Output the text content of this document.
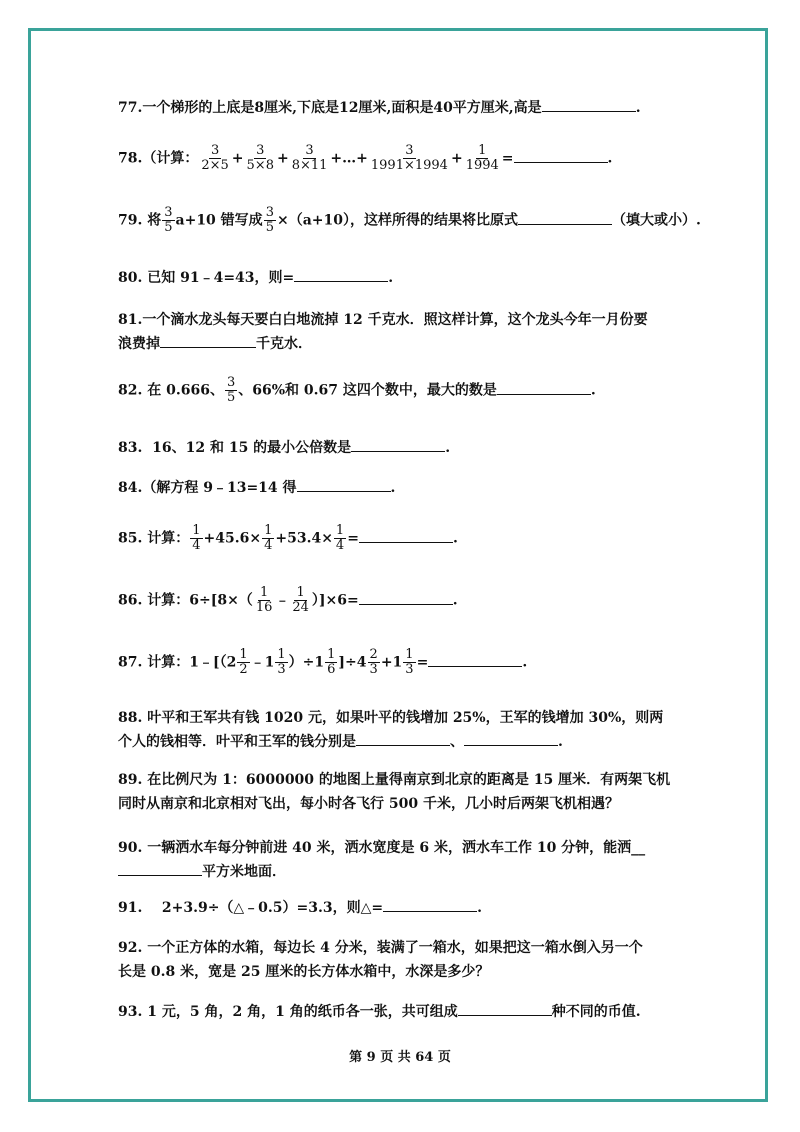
77.一个梯形的上底是8厘米,下底是12厘米,面积是40平方厘米,高是	.
78.（计算： $\frac{3}{2\times 5} + \frac{3}{5\times 8} + \frac{3}{8\times 11}$ +…+ $\frac{3}{1991\times 1994} + \frac{1}{1994}$ =	.
79. 将 $\frac{3}{5} a+10$ 错写成 $\frac{3}{5} \times(a+10)$，这样所得的结果将比原式	（填大或小）.
80. 已知 91﹣4=43，则=	.
81.一个滴水龙头每天要白白地流掉 12 千克水．照这样计算，这个龙头今年一月份要
浪费掉	千克水．
82. 在 0.666、 $\frac{3}{5}$ 、66%和 0.67 这四个数中，最大的数是	.
83. 16、12 和 15 的最小公倍数是	.
84.（解方程 9﹣13=14 得	.
85. 计算： $\frac{1}{4} +45.6\times \frac{1}{4} +53.4\times \frac{1}{4}$ =	.
86. 计算：$6\div[8\times( \frac{1}{16}$ ﹣ $\frac{1}{24} )]\times 6=$	.
87. 计算：1﹣[（2 $\frac{1}{2}$ ﹣1 $\frac{1}{3} )\div 1 \frac{1}{6} ]\div 4 \frac{2}{3} +1 \frac{1}{3}$ =	.
88. 叶平和王军共有钱 1020 元，如果叶平的钱增加 25%，王军的钱增加 30%，则两
个人的钱相等．叶平和王军的钱分别是	、	.
89. 在比例尺为 1：6000000 的地图上量得南京到北京的距离是 15 厘米．有两架飞机
同时从南京和北京相对飞出，每小时各飞行 500 千米，几小时后两架飞机相遇？
90. 一辆洒水车每分钟前进 40 米，洒水宽度是 6 米，洒水车工作 10 分钟，能洒__
平方米地面．
91. 2+3.9÷（△﹣0.5）=3.3，则△=	.
92. 一个正方体的水箱，每边长 4 分米，装满了一箱水，如果把这一箱水倒入另一个
长是 0.8 米，宽是 25 厘米的长方体水箱中，水深是多少？
93. 1 元，5 角，2 角，1 角的纸币各一张，共可组成	种不同的币值.
第 9 页 共 64 页
